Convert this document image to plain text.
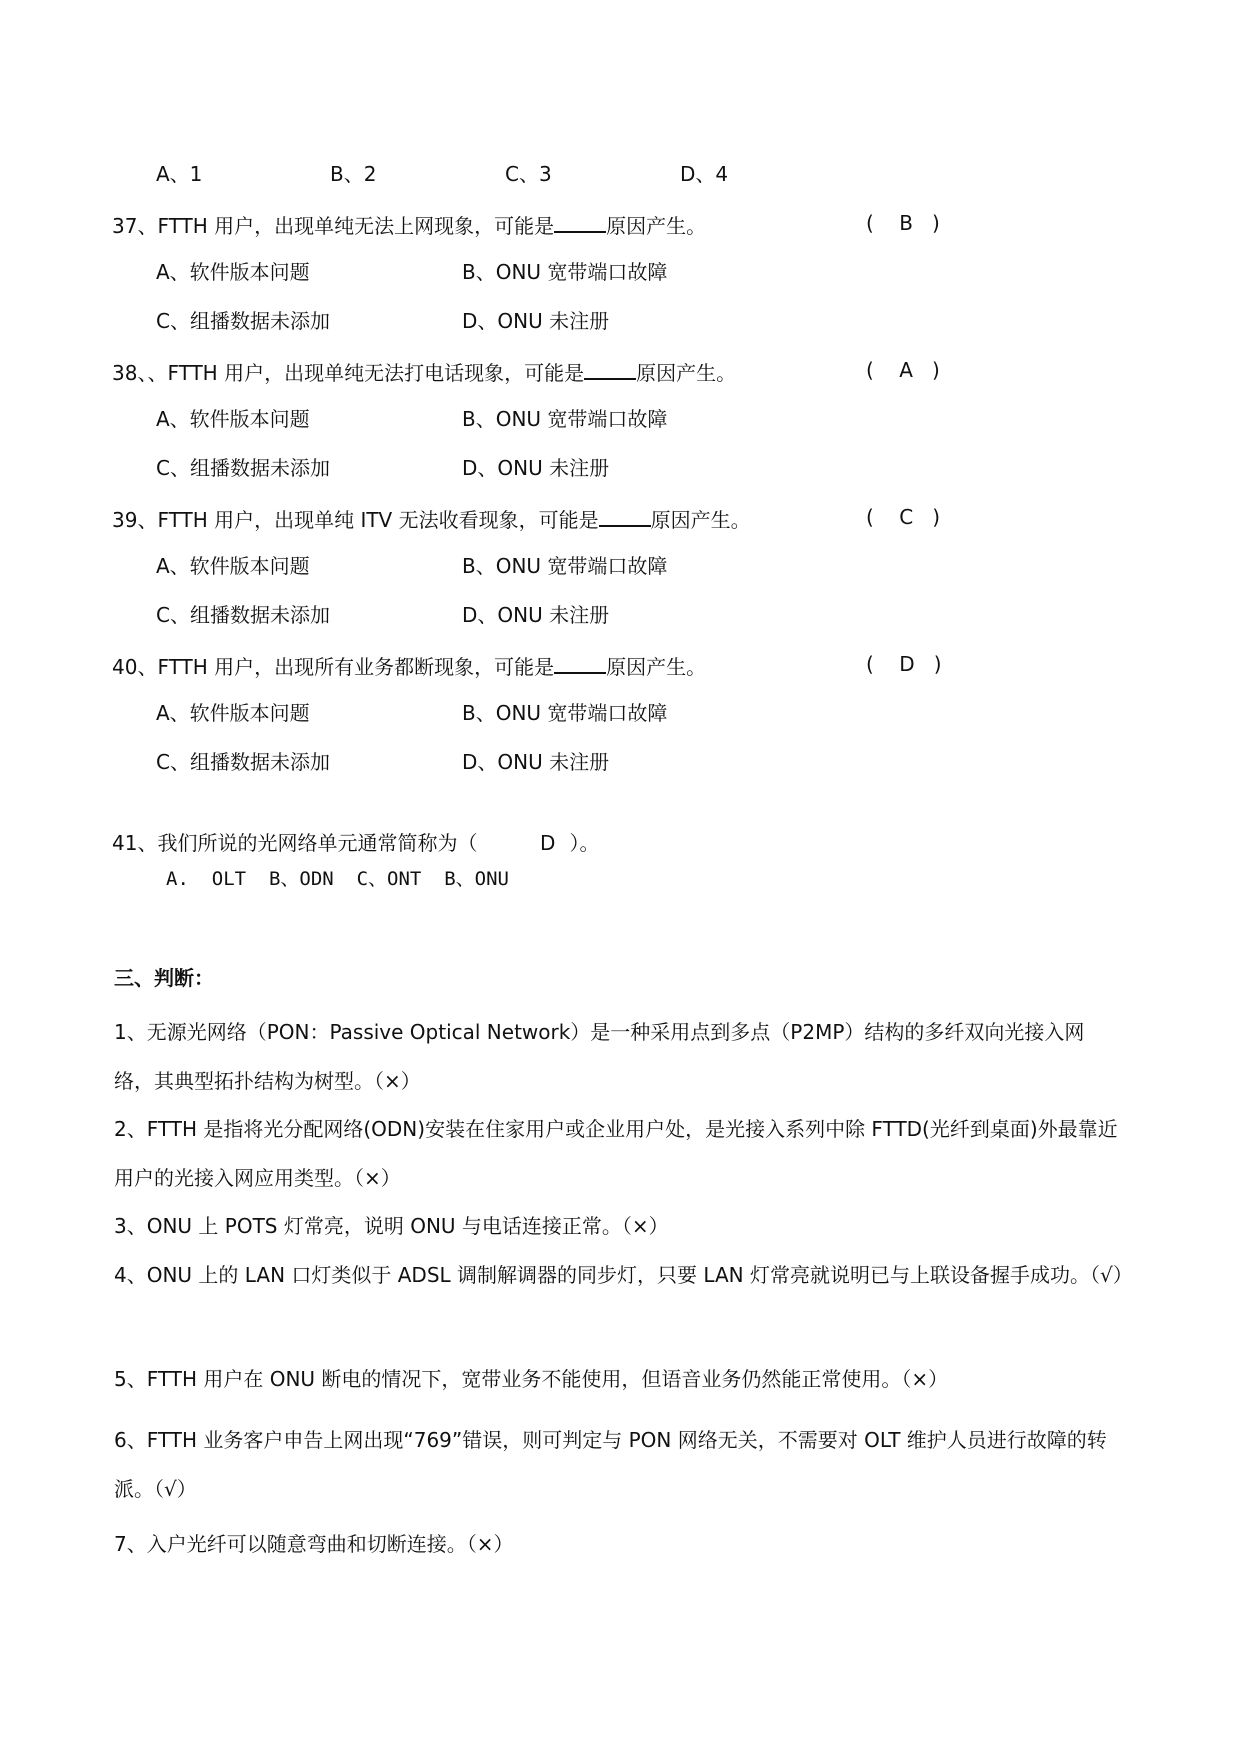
A、1	B、2	C、3	D、4
37、FTTH 用户，出现单纯无法上网现象，可能是	原因产生。	(    B   )
A、软件版本问题	B、ONU 宽带端口故障
C、组播数据未添加	D、ONU 未注册
38、、FTTH 用户，出现单纯无法打电话现象，可能是	原因产生。	(    A   )
A、软件版本问题	B、ONU 宽带端口故障
C、组播数据未添加	D、ONU 未注册
39、FTTH 用户，出现单纯 ITV 无法收看现象，可能是	原因产生。	(    C   )
A、软件版本问题	B、ONU 宽带端口故障
C、组播数据未添加	D、ONU 未注册
40、FTTH 用户，出现所有业务都断现象，可能是	原因产生。	(    D   )
A、软件版本问题	B、ONU 宽带端口故障
C、组播数据未添加	D、ONU 未注册
41、我们所说的光网络单元通常简称为（	D ）。
A.  OLT  B、ODN  C、ONT  B、ONU
三、判断：
1、无源光网络（PON：Passive Optical Network）是一种采用点到多点（P2MP）结构的多纤双向光接入网络，其典型拓扑结构为树型。（×）
2、FTTH 是指将光分配网络(ODN)安装在住家用户或企业用户处，是光接入系列中除 FTTD(光纤到桌面)外最靠近用户的光接入网应用类型。（×）
3、ONU 上 POTS 灯常亮，说明 ONU 与电话连接正常。（×）
4、ONU 上的 LAN 口灯类似于 ADSL 调制解调器的同步灯，只要 LAN 灯常亮就说明已与上联设备握手成功。（√）
5、FTTH 用户在 ONU 断电的情况下，宽带业务不能使用，但语音业务仍然能正常使用。（×）
6、FTTH 业务客户申告上网出现“769”错误，则可判定与 PON 网络无关，不需要对 OLT 维护人员进行故障的转派。（√）
7、入户光纤可以随意弯曲和切断连接。（×）
